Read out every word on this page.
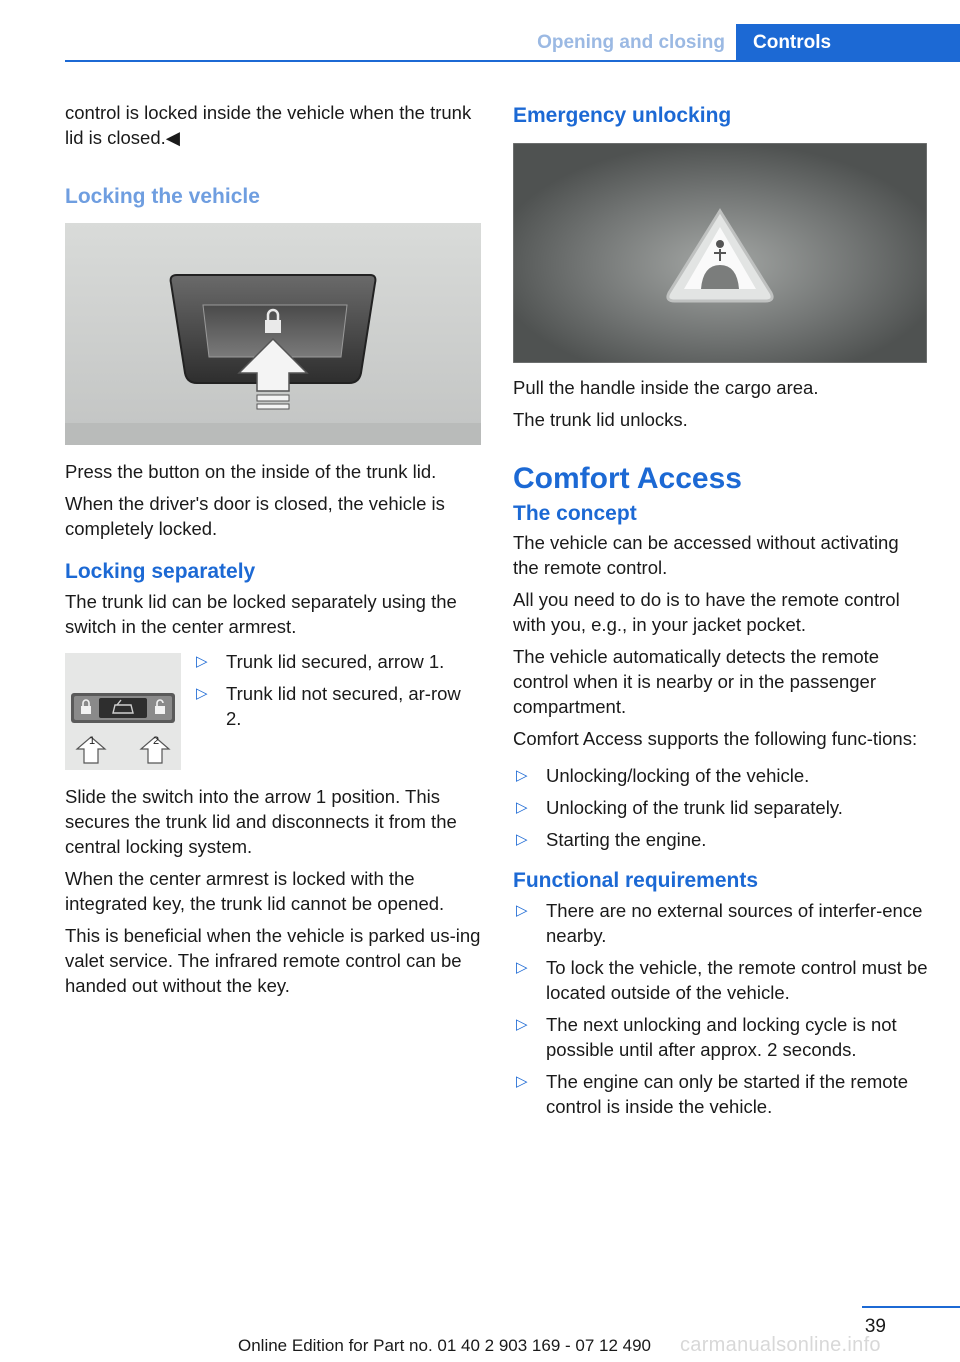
Opening and closing	Controls

control is locked inside the vehicle when the trunk lid is closed.◀

Locking the vehicle

Press the button on the inside of the trunk lid.

When the driver's door is closed, the vehicle is completely locked.

Locking separately

The trunk lid can be locked separately using the switch in the center armrest.

1	2
▷ Trunk lid secured, arrow 1.
▷ Trunk lid not secured, ar-row 2.

Slide the switch into the arrow 1 position. This secures the trunk lid and disconnects it from the central locking system.

When the center armrest is locked with the integrated key, the trunk lid cannot be opened.

This is beneficial when the vehicle is parked us-ing valet service. The infrared remote control can be handed out without the key.

Emergency unlocking

Pull the handle inside the cargo area.

The trunk lid unlocks.

Comfort Access
The concept

The vehicle can be accessed without activating the remote control.

All you need to do is to have the remote control with you, e.g., in your jacket pocket.

The vehicle automatically detects the remote control when it is nearby or in the passenger compartment.

Comfort Access supports the following func-tions:

▷ Unlocking/locking of the vehicle.
▷ Unlocking of the trunk lid separately.
▷ Starting the engine.
Functional requirements
▷ There are no external sources of interfer-ence nearby.
▷ To lock the vehicle, the remote control must be located outside of the vehicle.
▷ The next unlocking and locking cycle is not possible until after approx. 2 seconds.
▷ The engine can only be started if the remote control is inside the vehicle.
39
Online Edition for Part no. 01 40 2 903 169 - 07 12 490 carmanualsonline.info
